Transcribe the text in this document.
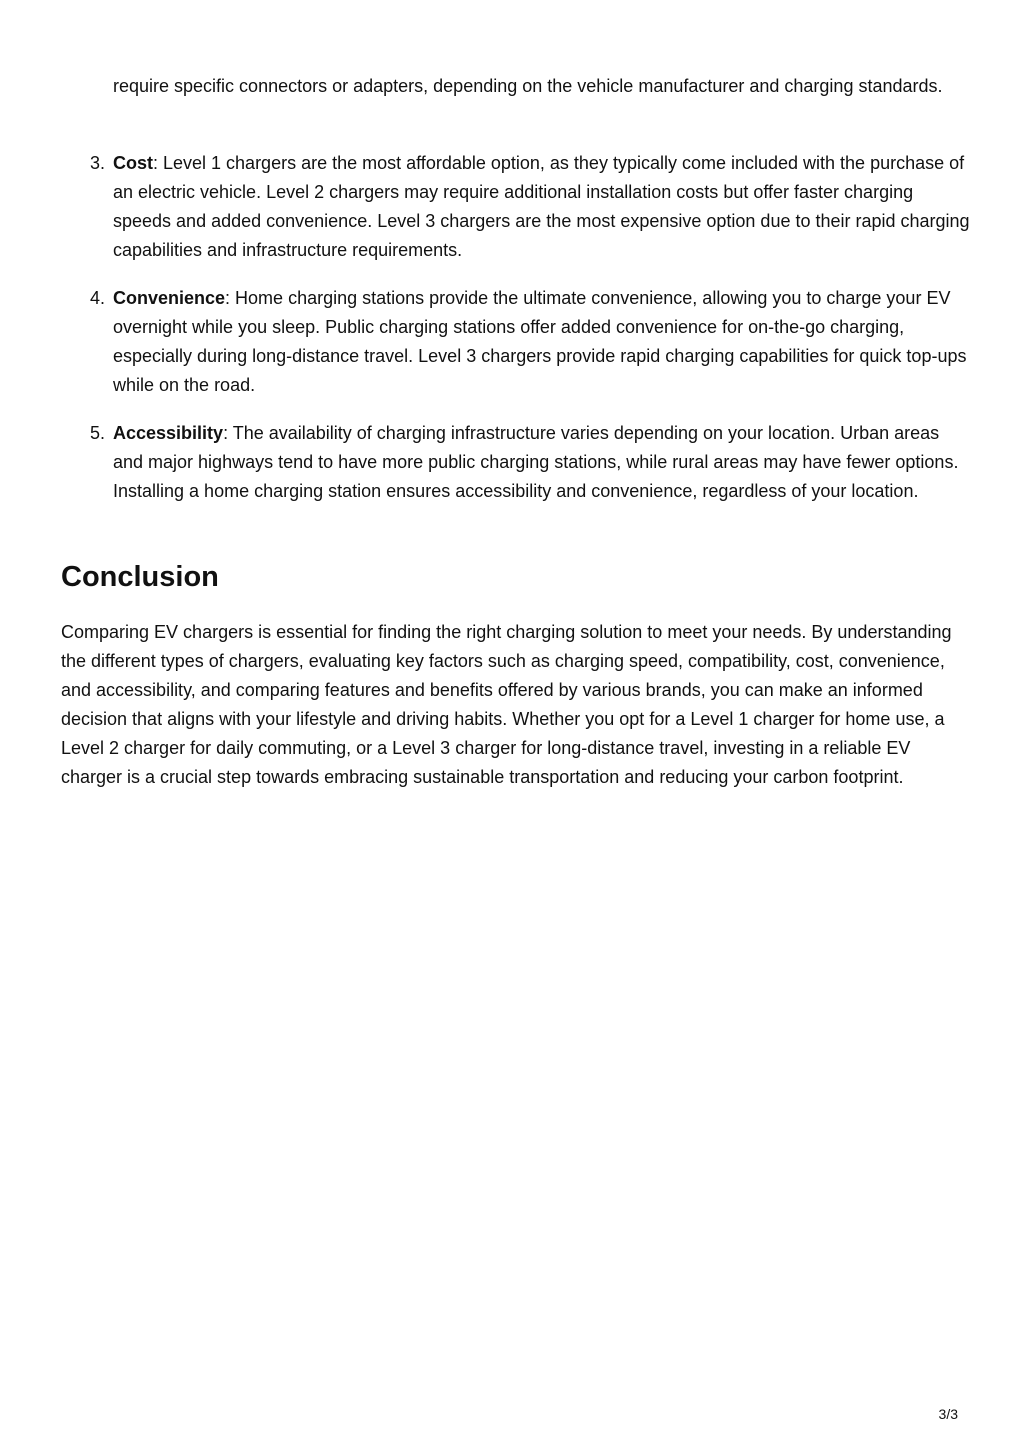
require specific connectors or adapters, depending on the vehicle manufacturer and charging standards.

3. Cost: Level 1 chargers are the most affordable option, as they typically come included with the purchase of an electric vehicle. Level 2 chargers may require additional installation costs but offer faster charging speeds and added convenience. Level 3 chargers are the most expensive option due to their rapid charging capabilities and infrastructure requirements.
4. Convenience: Home charging stations provide the ultimate convenience, allowing you to charge your EV overnight while you sleep. Public charging stations offer added convenience for on-the-go charging, especially during long-distance travel. Level 3 chargers provide rapid charging capabilities for quick top-ups while on the road.
5. Accessibility: The availability of charging infrastructure varies depending on your location. Urban areas and major highways tend to have more public charging stations, while rural areas may have fewer options. Installing a home charging station ensures accessibility and convenience, regardless of your location.
Conclusion

Comparing EV chargers is essential for finding the right charging solution to meet your needs. By understanding the different types of chargers, evaluating key factors such as charging speed, compatibility, cost, convenience, and accessibility, and comparing features and benefits offered by various brands, you can make an informed decision that aligns with your lifestyle and driving habits. Whether you opt for a Level 1 charger for home use, a Level 2 charger for daily commuting, or a Level 3 charger for long-distance travel, investing in a reliable EV charger is a crucial step towards embracing sustainable transportation and reducing your carbon footprint.

3/3
